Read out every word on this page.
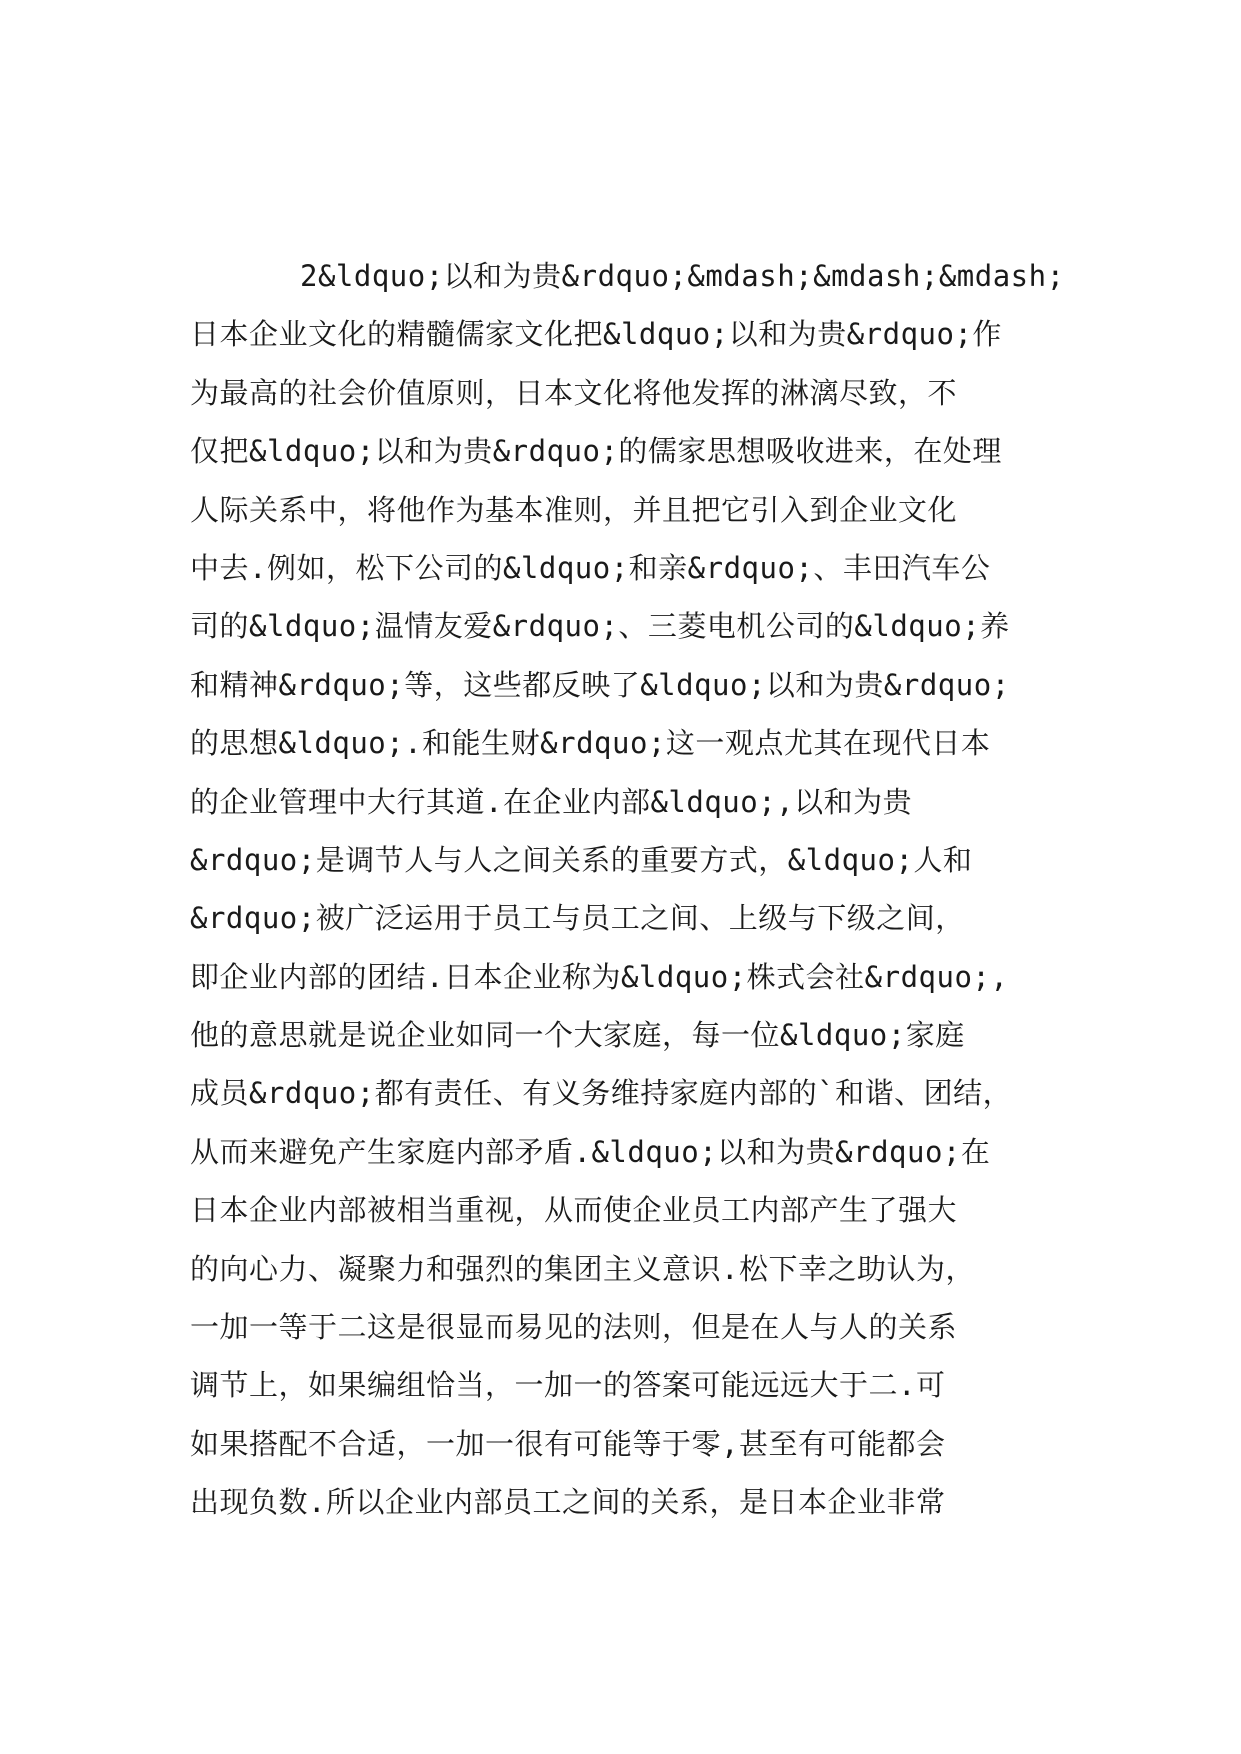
2&ldquo;以和为贵&rdquo;&mdash;&mdash;&mdash;
日本企业文化的精髓儒家文化把&ldquo;以和为贵&rdquo;作
为最高的社会价值原则，日本文化将他发挥的淋漓尽致，不
仅把&ldquo;以和为贵&rdquo;的儒家思想吸收进来，在处理
人际关系中，将他作为基本准则，并且把它引入到企业文化
中去.例如，松下公司的&ldquo;和亲&rdquo;、丰田汽车公
司的&ldquo;温情友爱&rdquo;、三菱电机公司的&ldquo;养
和精神&rdquo;等，这些都反映了&ldquo;以和为贵&rdquo;
的思想&ldquo;.和能生财&rdquo;这一观点尤其在现代日本
的企业管理中大行其道.在企业内部&ldquo;,以和为贵
&rdquo;是调节人与人之间关系的重要方式，&ldquo;人和
&rdquo;被广泛运用于员工与员工之间、上级与下级之间，
即企业内部的团结.日本企业称为&ldquo;株式会社&rdquo;,
他的意思就是说企业如同一个大家庭，每一位&ldquo;家庭
成员&rdquo;都有责任、有义务维持家庭内部的`和谐、团结，
从而来避免产生家庭内部矛盾.&ldquo;以和为贵&rdquo;在
日本企业内部被相当重视，从而使企业员工内部产生了强大
的向心力、凝聚力和强烈的集团主义意识.松下幸之助认为，
一加一等于二这是很显而易见的法则，但是在人与人的关系
调节上，如果编组恰当，一加一的答案可能远远大于二.可
如果搭配不合适，一加一很有可能等于零,甚至有可能都会
出现负数.所以企业内部员工之间的关系，是日本企业非常
